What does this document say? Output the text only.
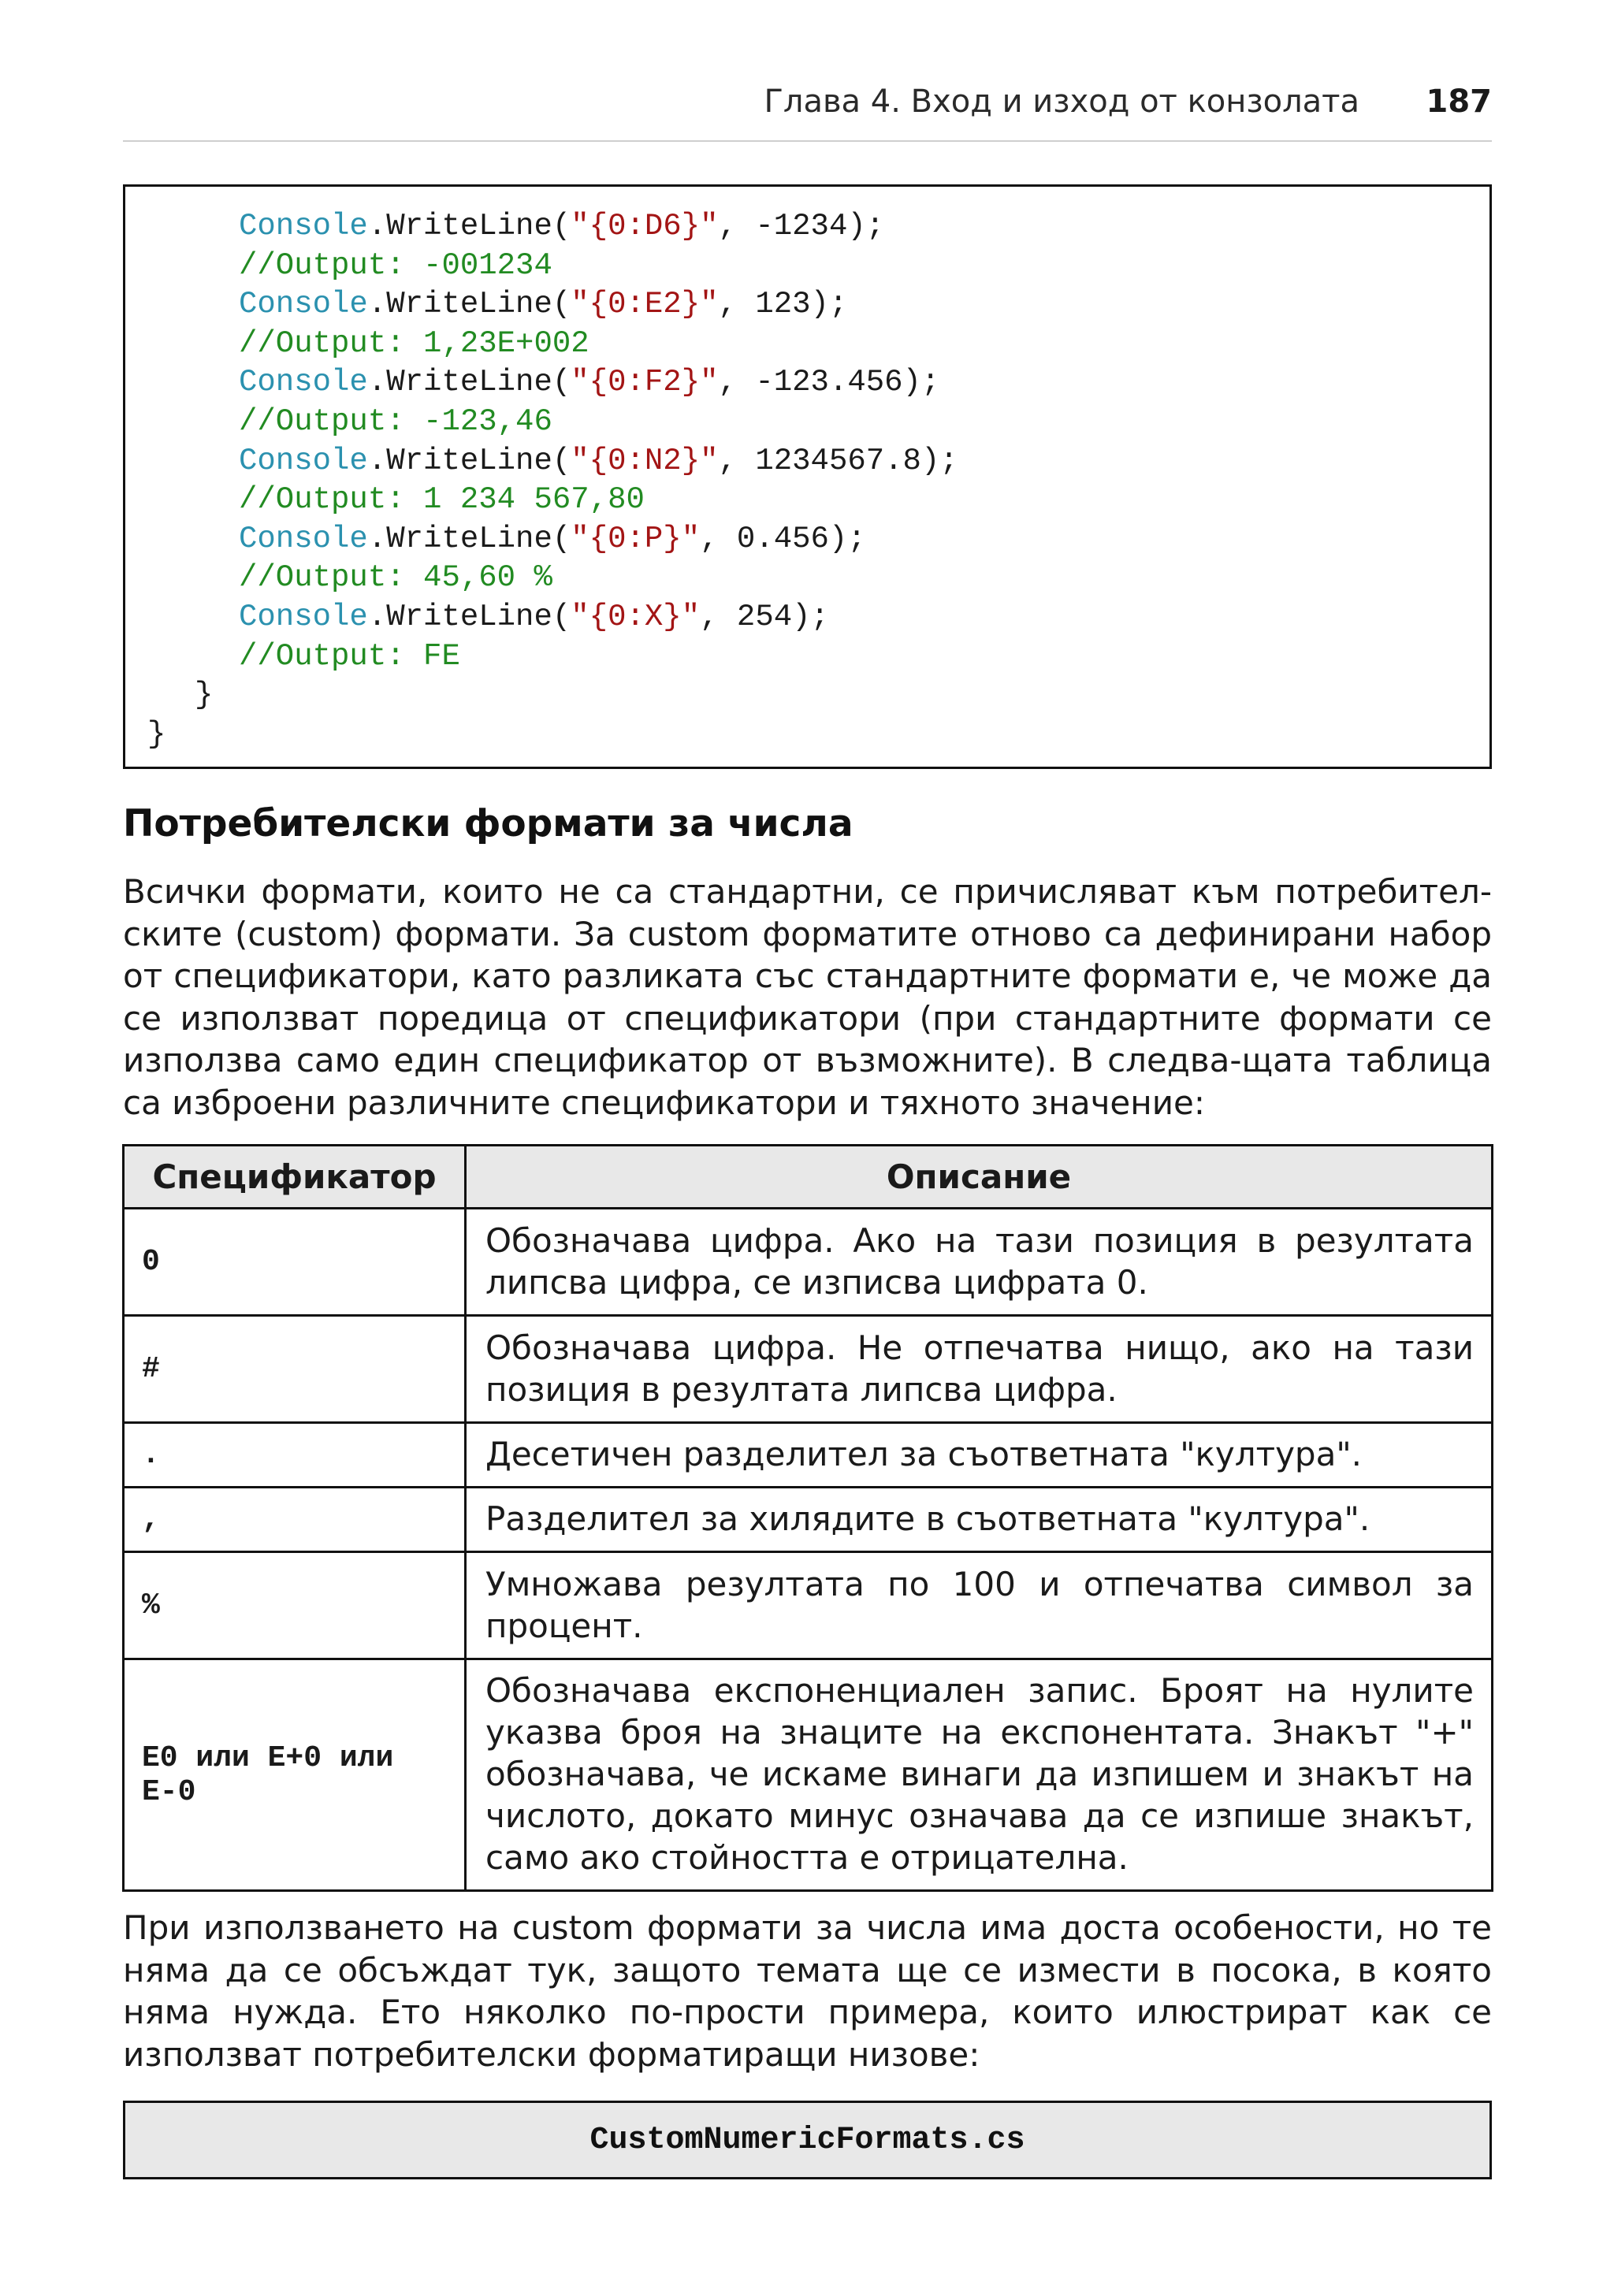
Глава 4. Вход и изход от конзолата 187
Console.WriteLine("{0:D6}", -1234);
//Output: -001234
Console.WriteLine("{0:E2}", 123);
//Output: 1,23E+002
Console.WriteLine("{0:F2}", -123.456);
//Output: -123,46
Console.WriteLine("{0:N2}", 1234567.8);
//Output: 1 234 567,80
Console.WriteLine("{0:P}", 0.456);
//Output: 45,60 %
Console.WriteLine("{0:X}", 254);
//Output: FE
}
}
Потребителски формати за числа
Всички формати, които не са стандартни, се причисляват към потребител-ските (custom) формати. За custom форматите отново са дефинирани набор от спецификатори, като разликата със стандартните формати е, че може да се използват поредица от спецификатори (при стандартните формати се използва само един спецификатор от възможните). В следва-щата таблица са изброени различните спецификатори и тяхното значение:
Спецификатор	Описание
0	Обозначава цифра. Ако на тази позиция в резултата липсва цифра, се изписва цифрата 0.
#	Обозначава цифра. Не отпечатва нищо, ако на тази позиция в резултата липсва цифра.
.	Десетичен разделител за съответната "култура".
,	Разделител за хилядите в съответната "култура".
%	Умножава резултата по 100 и отпечатва символ за процент.
E0 или E+0 или E-0	Обозначава експоненциален запис. Броят на нулите указва броя на знаците на експонентата. Знакът "+" обозначава, че искаме винаги да изпишем и знакът на числото, докато минус означава да се изпише знакът, само ако стойността е отрицателна.
При използването на custom формати за числа има доста особености, но те няма да се обсъждат тук, защото темата ще се измести в посока, в която няма нужда. Ето няколко по-прости примера, които илюстрират как се използват потребителски форматиращи низове:
CustomNumericFormats.cs
